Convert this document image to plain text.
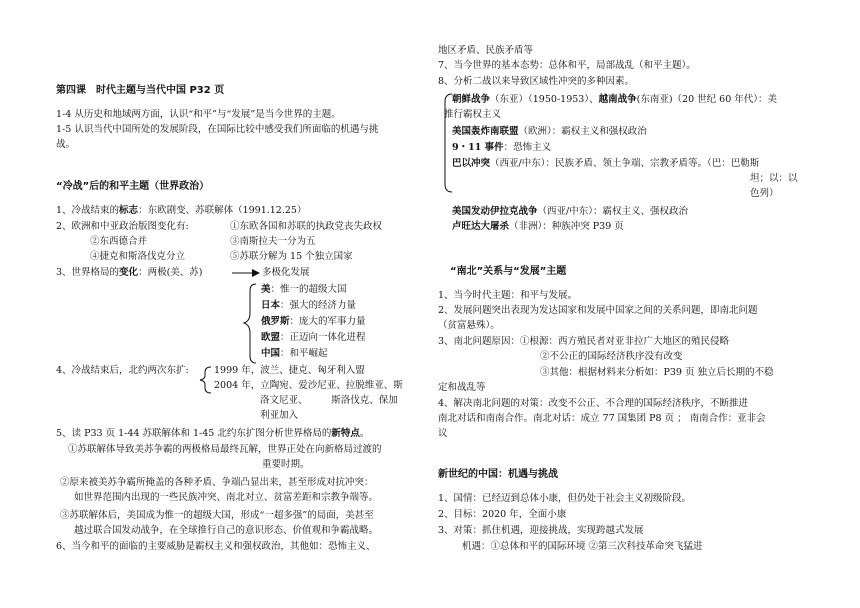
第四课　时代主题与当代中国 P32 页
1-4 从历史和地域两方面，认识“和平”与“发展”是当今世界的主题。
1-5 认识当代中国所处的发展阶段，在国际比较中感受我们所面临的机遇与挑
战。
“冷战”后的和平主题（世界政治）
1、冷战结束的标志：东欧剧变、苏联解体（1991.12.25）
2、欧洲和中亚政治版图变化有:	①东欧各国和苏联的执政党丧失政权
②东西德合并	③南斯拉夫一分为五
④捷克和斯洛伐克分立	⑤苏联分解为 15 个独立国家
3、世界格局的变化：两极(美、苏)	多极化发展
美：惟一的超级大国
日本：强大的经济力量
俄罗斯：庞大的军事力量
欧盟：正迈向一体化进程
中国：和平崛起
4、冷战结束后，北约两次东扩:	1999 年，波兰、捷克、匈牙利入盟
2004 年，立陶宛、爱沙尼亚、拉脱维亚、斯
洛文尼亚、　　　斯洛伐克、保加
利亚加入
5、读 P33 页 1-44 苏联解体和 1-45 北约东扩图分析世界格局的新特点。
①苏联解体导致美苏争霸的两极格局最终瓦解，世界正处在向新格局过渡的
重要时期。
②原来被美苏争霸所掩盖的各种矛盾、争端凸显出来，甚至形成对抗冲突：
如世界范围内出现的一些民族冲突、南北对立、贫富差距和宗教争端等。
③苏联解体后，美国成为惟一的超级大国，形成“一超多强”的局面，美甚至
越过联合国发动战争，在全球推行自己的意识形态、价值观和争霸战略。
6、当今和平的面临的主要威胁是霸权主义和强权政治，其他如：恐怖主义、
地区矛盾、民族矛盾等
7、当今世界的基本态势：总体和平，局部战乱（和平主题）。
8、分析二战以来导致区域性冲突的多种因素。
朝鲜战争（东亚）（1950-1953）、越南战争(东南亚)（20 世纪 60 年代）：美
推行霸权主义
美国轰炸南联盟（欧洲）：霸权主义和强权政治
9・11 事件：恐怖主义
巴以冲突（西亚/中东）：民族矛盾、领土争端、宗教矛盾等。（巴：巴勒斯
坦；以：以
色列）
美国发动伊拉克战争（西亚/中东）：霸权主义、强权政治
卢旺达大屠杀（非洲）：种族冲突 P39 页
“南北”关系与“发展”主题
1、当今时代主题：和平与发展。
2、发展问题突出表现为发达国家和发展中国家之间的关系问题，即南北问题
（贫富悬殊）。
3、南北问题原因：①根源：西方殖民者对亚非拉广大地区的殖民侵略
②不公正的国际经济秩序没有改变
③其他：根据材料来分析如：P39 页 独立后长期的不稳
定和战乱等
4、解决南北问题的对策：改变不公正、不合理的国际经济秩序，不断推进
南北对话和南南合作。南北对话：成立 77 国集团 P8 页 ； 南南合作：亚非会
议
新世纪的中国：机遇与挑战
1、国情：已经迈到总体小康，但仍处于社会主义初级阶段。
2、目标：2020 年，全面小康
3、对策：抓住机遇，迎接挑战，实现跨越式发展
机遇：①总体和平的国际环境 ②第三次科技革命突飞猛进
